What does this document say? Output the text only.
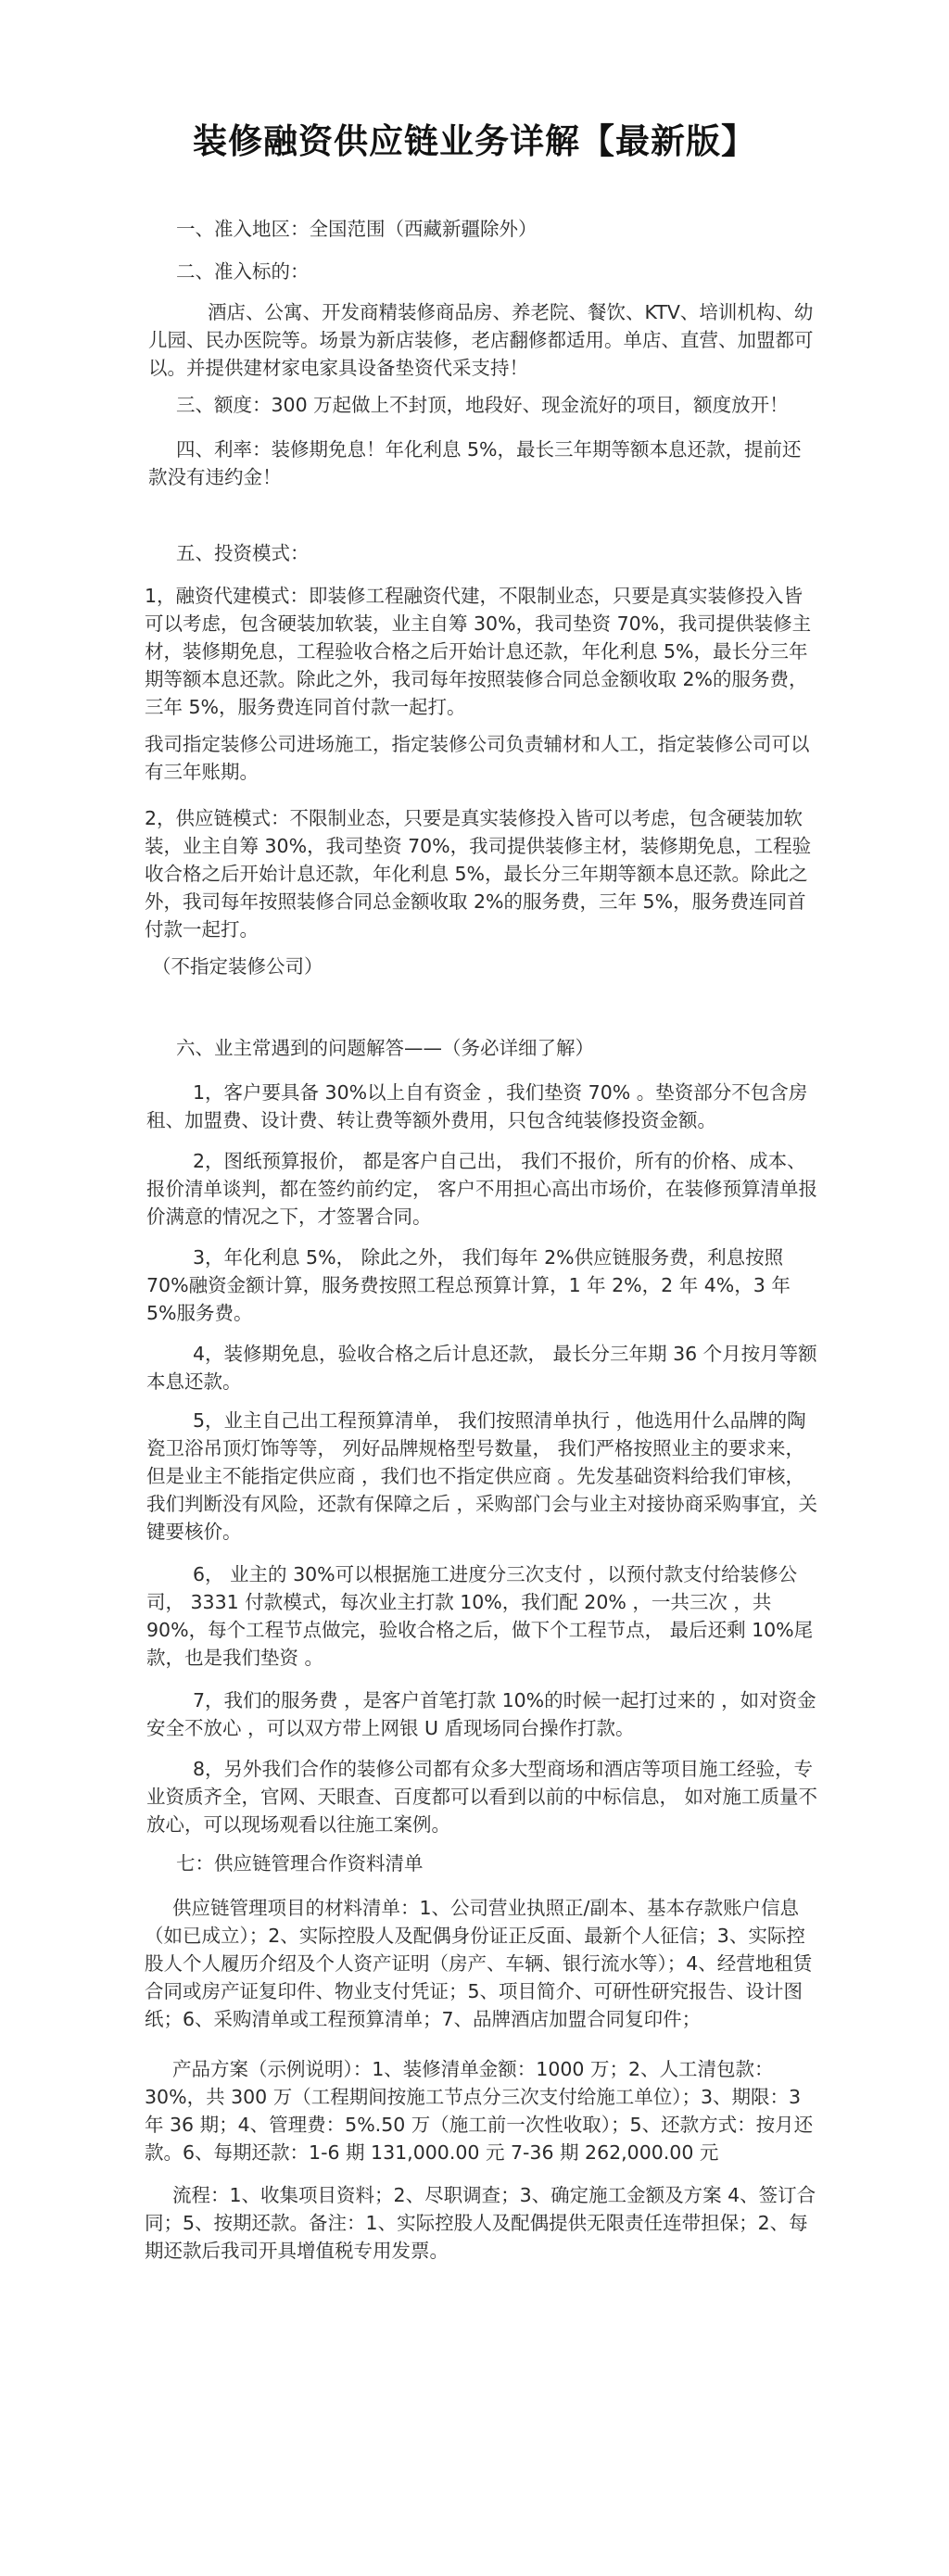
装修融资供应链业务详解【最新版】

一、准入地区：全国范围（西藏新疆除外）

二、准入标的：

酒店、公寓、开发商精装修商品房、养老院、餐饮、KTV、培训机构、幼儿园、民办医院等。场景为新店装修，老店翻修都适用。单店、直营、加盟都可以。并提供建材家电家具设备垫资代采支持！

三、额度：300 万起做上不封顶，地段好、现金流好的项目，额度放开！

四、利率：装修期免息！年化利息 5%，最长三年期等额本息还款，提前还款没有违约金！

五、投资模式：

1，融资代建模式：即装修工程融资代建，不限制业态，只要是真实装修投入皆可以考虑，包含硬装加软装，业主自筹 30%，我司垫资 70%，我司提供装修主材，装修期免息，工程验收合格之后开始计息还款，年化利息 5%，最长分三年期等额本息还款。除此之外，我司每年按照装修合同总金额收取 2%的服务费，三年 5%，服务费连同首付款一起打。

我司指定装修公司进场施工，指定装修公司负责辅材和人工，指定装修公司可以有三年账期。

2，供应链模式：不限制业态，只要是真实装修投入皆可以考虑，包含硬装加软装，业主自筹 30%，我司垫资 70%，我司提供装修主材，装修期免息，工程验收合格之后开始计息还款，年化利息 5%，最长分三年期等额本息还款。除此之外，我司每年按照装修合同总金额收取 2%的服务费，三年 5%，服务费连同首付款一起打。

（不指定装修公司）

六、业主常遇到的问题解答——（务必详细了解）

1，客户要具备 30%以上自有资金 ，我们垫资 70% 。垫资部分不包含房租、加盟费、设计费、转让费等额外费用，只包含纯装修投资金额。

2，图纸预算报价， 都是客户自己出， 我们不报价，所有的价格、成本、报价清单谈判，都在签约前约定， 客户不用担心高出市场价，在装修预算清单报价满意的情况之下，才签署合同。

3，年化利息 5%， 除此之外， 我们每年 2%供应链服务费，利息按照 70%融资金额计算，服务费按照工程总预算计算，1 年 2%，2 年 4%，3 年 5%服务费。

4，装修期免息，验收合格之后计息还款， 最长分三年期 36 个月按月等额本息还款。

5，业主自己出工程预算清单， 我们按照清单执行 ，他选用什么品牌的陶瓷卫浴吊顶灯饰等等， 列好品牌规格型号数量， 我们严格按照业主的要求来，但是业主不能指定供应商 ，我们也不指定供应商 。先发基础资料给我们审核，我们判断没有风险，还款有保障之后 ，采购部门会与业主对接协商采购事宜，关键要核价。

6， 业主的 30%可以根据施工进度分三次支付 ，以预付款支付给装修公司， 3331 付款模式，每次业主打款 10%，我们配 20% ，一共三次 ，共 90%，每个工程节点做完，验收合格之后，做下个工程节点， 最后还剩 10%尾款，也是我们垫资 。

7，我们的服务费 ，是客户首笔打款 10%的时候一起打过来的 ，如对资金安全不放心 ，可以双方带上网银 U 盾现场同台操作打款。

8，另外我们合作的装修公司都有众多大型商场和酒店等项目施工经验，专业资质齐全，官网、天眼查、百度都可以看到以前的中标信息， 如对施工质量不放心，可以现场观看以往施工案例。

七：供应链管理合作资料清单

供应链管理项目的材料清单：1、公司营业执照正/副本、基本存款账户信息（如已成立）；2、实际控股人及配偶身份证正反面、最新个人征信；3、实际控股人个人履历介绍及个人资产证明（房产、车辆、银行流水等）；4、经营地租赁合同或房产证复印件、物业支付凭证；5、项目简介、可研性研究报告、设计图纸；6、采购清单或工程预算清单；7、品牌酒店加盟合同复印件；

产品方案（示例说明）：1、装修清单金额：1000 万；2、人工清包款：30%，共 300 万（工程期间按施工节点分三次支付给施工单位）；3、期限：3 年 36 期；4、管理费：5%.50 万（施工前一次性收取）；5、还款方式：按月还款。6、每期还款：1-6 期 131,000.00 元 7-36 期 262,000.00 元

流程：1、收集项目资料；2、尽职调查；3、确定施工金额及方案 4、签订合同；5、按期还款。备注：1、实际控股人及配偶提供无限责任连带担保；2、每期还款后我司开具增值税专用发票。
